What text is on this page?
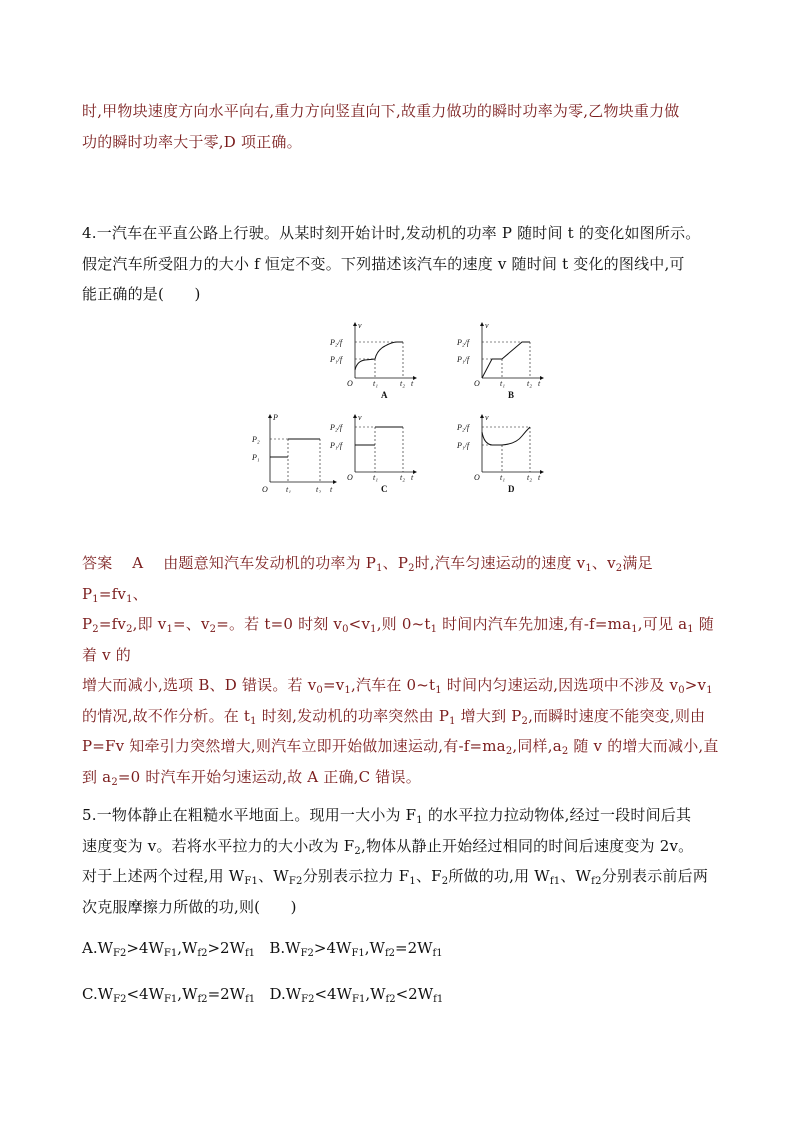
时,甲物块速度方向水平向右,重力方向竖直向下,故重力做功的瞬时功率为零,乙物块重力做
功的瞬时功率大于零,D 项正确。
4.一汽车在平直公路上行驶。从某时刻开始计时,发动机的功率 P 随时间 t 的变化如图所示。
假定汽车所受阻力的大小 f 恒定不变。下列描述该汽车的速度 v 随时间 t 变化的图线中,可
能正确的是(　　)
v
t
O
P₂/f
P₁/f
t₁	t₂
A
v
t
O
P₂/f
P₁/f
t₁	t₂
B
P
t
O
P₂
P₁
t₁	t₂
v
t
O
P₂/f
P₁/f
t₁	t₂
C
v
t
O
P₂/f
P₁/f
t₁	t₂
D
答案 A 由题意知汽车发动机的功率为 $P_1$、$P_2$时,汽车匀速运动的速度 $v_1$、$v_2$满足 $P_1=fv_1$、
$P_2=fv_2$,即 $v_1=$、$v_2=$。若 t=0 时刻 $v_0<v_1$,则 $0\sim t_1$ 时间内汽车先加速,有$-f=ma_1$,可见 $a_1$ 随着 v 的
增大而减小,选项 B、D 错误。若 $v_0=v_1$,汽车在 $0\sim t_1$ 时间内匀速运动,因选项中不涉及 $v_0>v_1$
的情况,故不作分析。在 $t_1$ 时刻,发动机的功率突然由 $P_1$ 增大到 $P_2$,而瞬时速度不能突变,则由
P=Fv 知牵引力突然增大,则汽车立即开始做加速运动,有$-f=ma_2$,同样$,a_2$ 随 v 的增大而减小,直
到 $a_2=0$ 时汽车开始匀速运动,故 A 正确,C 错误。
5.一物体静止在粗糙水平地面上。现用一大小为 $F_1$ 的水平拉力拉动物体,经过一段时间后其
速度变为 v。若将水平拉力的大小改为 $F_2$,物体从静止开始经过相同的时间后速度变为 2v。
对于上述两个过程,用 $W_{F1}$、$W_{F2}$分别表示拉力 $F_1$、$F_2$所做的功,用 $W_{f1}$、$W_{f2}$分别表示前后两
次克服摩擦力所做的功,则(　　)
$A.W_{F2}>4W_{F1},W_{f2}>2W_{f1}$ $B.W_{F2}>4W_{F1},W_{f2}=2W_{f1}$
$C.W_{F2}<4W_{F1},W_{f2}=2W_{f1}$ $D.W_{F2}<4W_{F1},W_{f2}<2W_{f1}$
